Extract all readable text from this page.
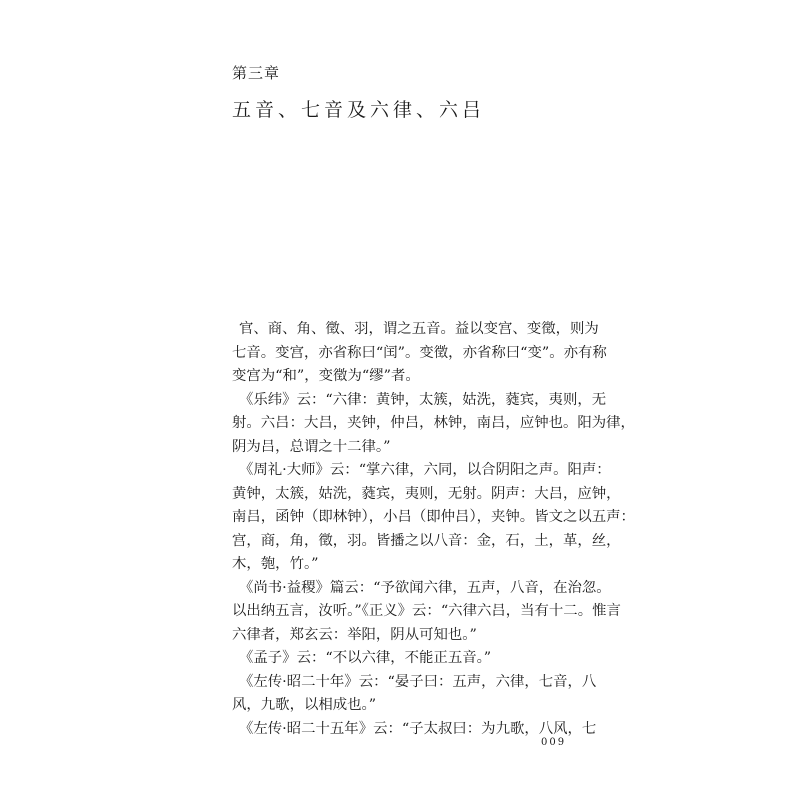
第三章
五音、七音及六律、六吕
官、商、角、徵、羽，谓之五音。益以变宫、变徵，则为
七音。变宫，亦省称曰“闰”。变徵，亦省称曰“变”。亦有称
变宫为“和”，变徵为“缪”者。
《乐纬》云：“六律：黄钟，太簇，姑洗，蕤宾，夷则，无
射。六吕：大吕，夹钟，仲吕，林钟，南吕，应钟也。阳为律，
阴为吕，总谓之十二律。”
《周礼·大师》云：“掌六律，六同，以合阴阳之声。阳声：
黄钟，太簇，姑洗，蕤宾，夷则，无射。阴声：大吕，应钟，
南吕，函钟（即林钟），小吕（即仲吕），夹钟。皆文之以五声：
宫，商，角，徵，羽。皆播之以八音：金，石，土，革，丝，
木，匏，竹。”
《尚书·益稷》篇云：“予欲闻六律，五声，八音，在治忽。
以出纳五言，汝听。”《正义》云：“六律六吕，当有十二。惟言
六律者，郑玄云：举阳，阴从可知也。”
《孟子》云：“不以六律，不能正五音。”
《左传·昭二十年》云：“晏子曰：五声，六律，七音，八
风，九歌，以相成也。”
《左传·昭二十五年》云：“子太叔曰：为九歌，八风，七
009
